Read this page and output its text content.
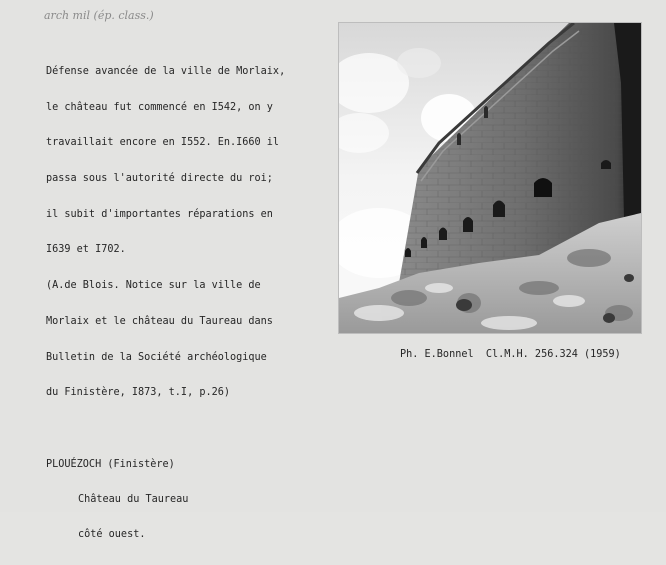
arch mil (ép. class.)

Défense avancée de la ville de Morlaix,

le château fut commencé en I542, on y

travaillait encore en I552. En.I660 il

passa sous l'autorité directe du roi;

il subit d'importantes réparations en

I639 et I702.

(A.de Blois. Notice sur la ville de

Morlaix et le château du Taureau dans

Bulletin de la Société archéologique

du Finistère, I873, t.I, p.26)

Ph. E.Bonnel  Cl.M.H. 256.324 (1959)

PLOUÉZOCH (Finistère)

Château du Taureau

côté ouest.
